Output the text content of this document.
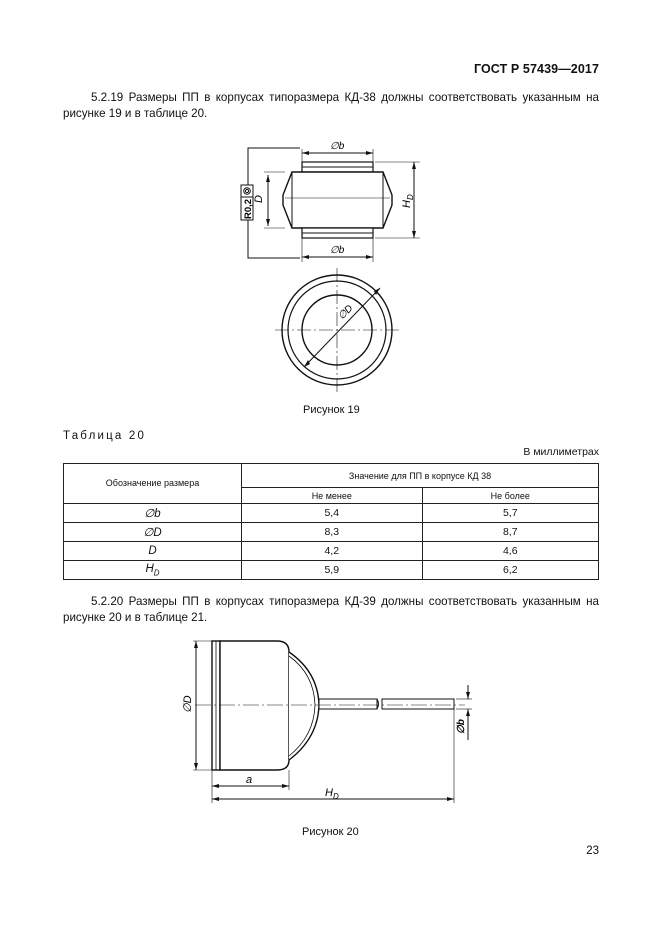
ГОСТ Р 57439—2017
5.2.19 Размеры ПП в корпусах типоразмера КД-38 должны соответствовать указанным на рисунке 19 и в таблице 20.
∅b
∅b
D
R0,2	$H_D$
∅D
Рисунок 19
Таблица 20
В миллиметрах
Обозначение размера	Значение для ПП в корпусе КД 38	
	Не менее	Не более
∅b	5,4	5,7
∅D	8,3	8,7
D	4,2	4,6
$H_D$	5,9	6,2
5.2.20 Размеры ПП в корпусах типоразмера КД-39 должны соответствовать указанным на рисунке 20 и в таблице 21.
∅D
∅b
a
$H_D$
Рисунок 20
23
